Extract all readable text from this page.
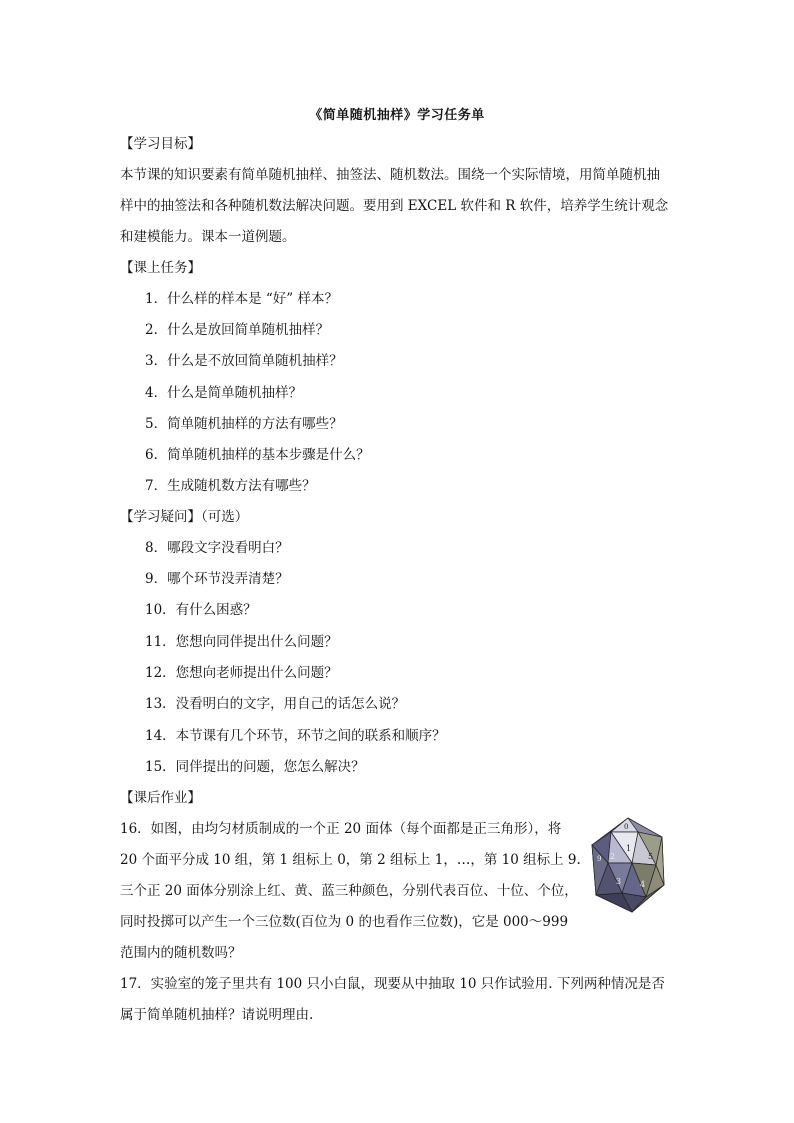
《简单随机抽样》学习任务单
【学习目标】
本节课的知识要素有简单随机抽样、抽签法、随机数法。围绕一个实际情境，用简单随机抽
样中的抽签法和各种随机数法解决问题。要用到 EXCEL 软件和 R 软件，培养学生统计观念
和建模能力。课本一道例题。
【课上任务】
1．什么样的样本是 “好” 样本？
2．什么是放回简单随机抽样？
3．什么是不放回简单随机抽样？
4．什么是简单随机抽样？
5．简单随机抽样的方法有哪些？
6．简单随机抽样的基本步骤是什么？
7．生成随机数方法有哪些？
【学习疑问】（可选）
8．哪段文字没看明白？
9．哪个环节没弄清楚？
10．有什么困惑？
11．您想向同伴提出什么问题？
12．您想向老师提出什么问题？
13．没看明白的文字，用自己的话怎么说？
14．本节课有几个环节，环节之间的联系和顺序？
15．同伴提出的问题，您怎么解决？
【课后作业】
16．如图，由均匀材质制成的一个正 20 面体（每个面都是正三角形），将
20 个面平分成 10 组，第 1 组标上 0，第 2 组标上 1，…，第 10 组标上 9.
三个正 20 面体分别涂上红、黄、蓝三种颜色，分别代表百位、十位、个位，
同时投掷可以产生一个三位数(百位为 0 的也看作三位数)，它是 000～999
范围内的随机数吗？
17．实验室的笼子里共有 100 只小白鼠，现要从中抽取 10 只作试验用. 下列两种情况是否
属于简单随机抽样？请说明理由.
0
1
2	5
9
3 4
